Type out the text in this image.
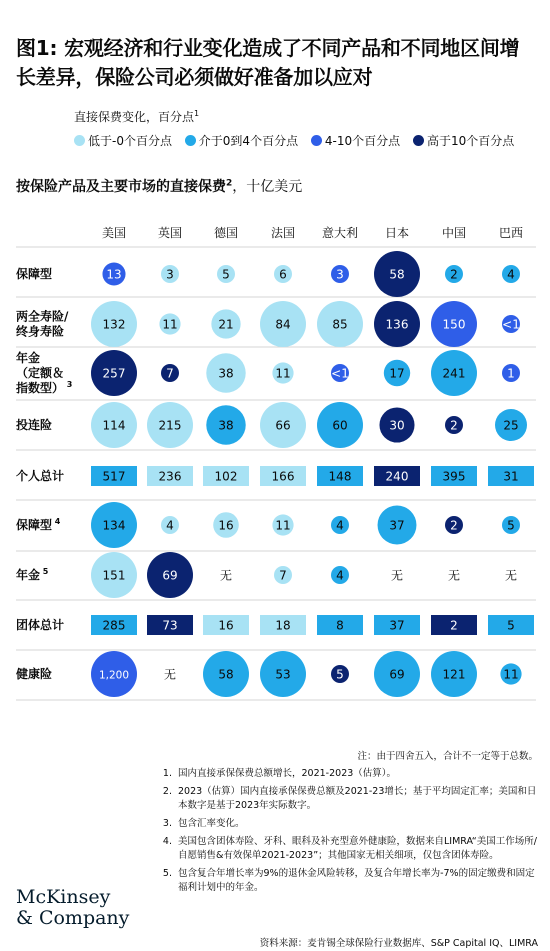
图1: 宏观经济和行业变化造成了不同产品和不同地区间增长差异，保险公司必须做好准备加以应对
直接保费变化，百分点$^1$
低于-0个百分点 介于0到4个百分点 4-10个百分点 高于10个百分点
按保险产品及主要市场的直接保费$^2$，十亿美元
美国	英国	德国	法国 意大利 日本	中国	巴西
保障型	13	3	5	6	3	58	2	4
两全寿险/
终身寿险	132	11	21	84	85	136	150	<1
年金
（定额＆
指数型） $^3$
257	7	38	11	<1	17	241	1
投连险	114	215	38	66	60	30	2	25
个人总计	517	236	102	166	148	240	395	31
保障型 $^4$	134	4	16	11	4	37	2	5
年金 $^5$	151	69	无	7	4	无	无	无
团体总计	285	73	16	18	8	37	2	5
健康险	1,200	无	58	53	5	69	121	11
注：由于四舍五入，合计不一定等于总数。
1. 国内直接承保保费总额增长，2021-2023（估算）。
2. 2023（估算）国内直接承保保费总额及2021-23增长；基于平均固定汇率；美国和日本数字是基于2023年实际数字。
3. 包含汇率变化。
4. 美国包含团体寿险、牙科、眼科及补充型意外健康险，数据来自LIMRA“美国工作场所/自愿销售&有效保单2021-2023”；其他国家无相关细项，仅包含团体寿险。
5. 包含复合年增长率为9%的退休金风险转移，及复合年增长率为-7%的固定缴费和固定福利计划中的年金。
资料来源：麦肯锡全球保险行业数据库、S&P Capital IQ、LIMRA
McKinsey
& Company
